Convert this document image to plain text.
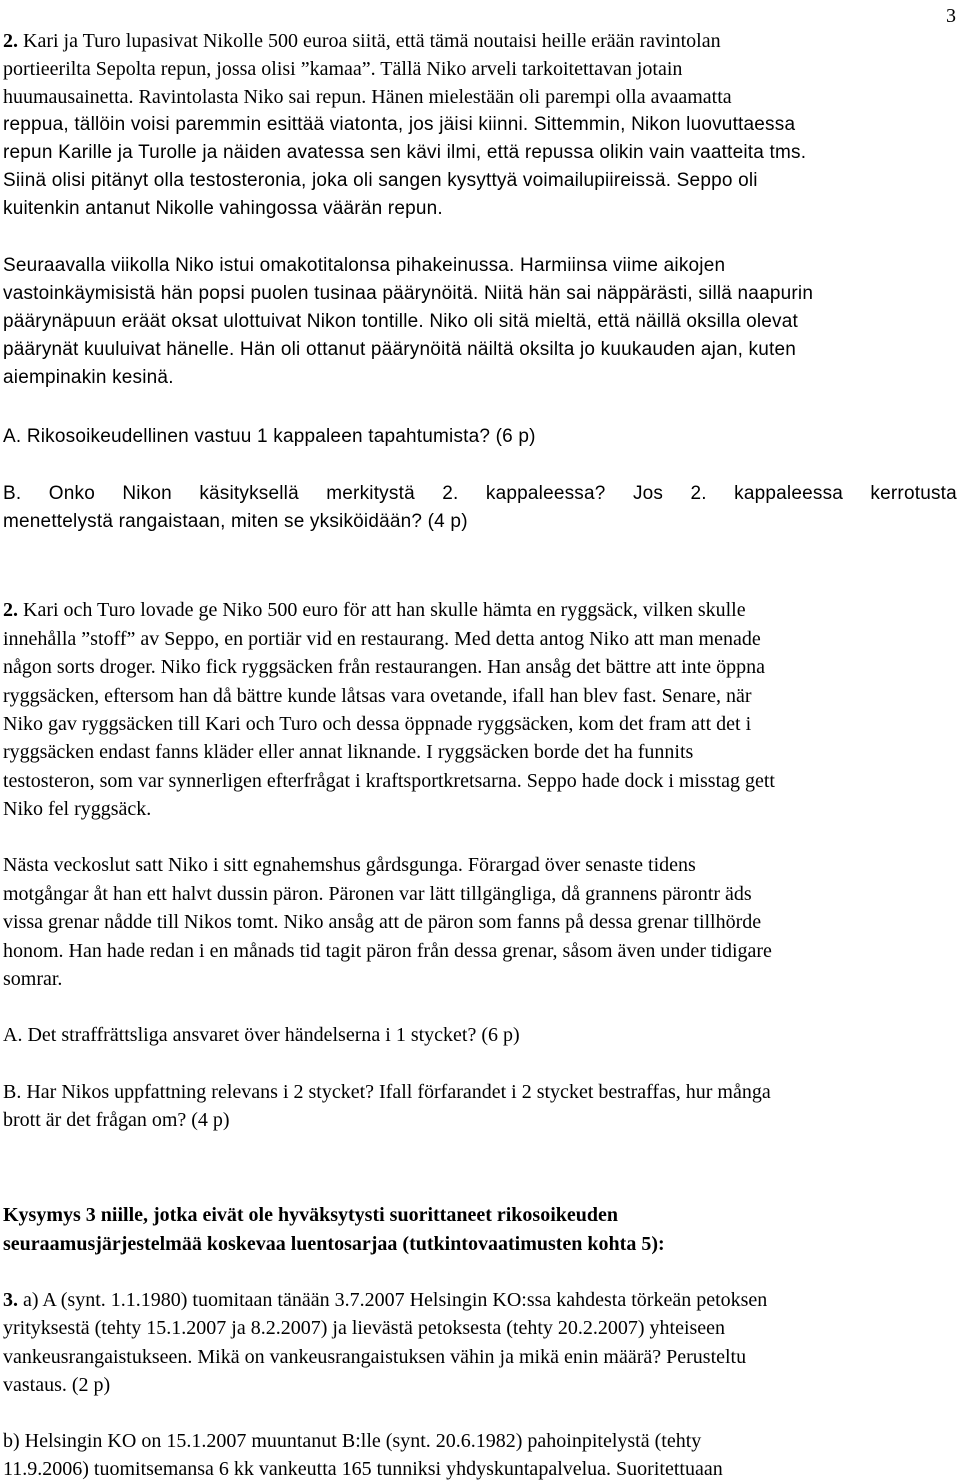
3
2. Kari ja Turo lupasivat Nikolle 500 euroa siitä, että tämä noutaisi heille erään ravintolan
portieerilta Sepolta repun, jossa olisi ”kamaa”. Tällä Niko arveli tarkoitettavan jotain
huumausainetta. Ravintolasta Niko sai repun. Hänen mielestään oli parempi olla avaamatta
reppua, tällöin voisi paremmin esittää viatonta, jos jäisi kiinni. Sittemmin, Nikon luovuttaessa
repun Karille ja Turolle ja näiden avatessa sen kävi ilmi, että repussa olikin vain vaatteita tms.
Siinä olisi pitänyt olla testosteronia, joka oli sangen kysyttyä voimailupiireissä. Seppo oli
kuitenkin antanut Nikolle vahingossa väärän repun.
Seuraavalla viikolla Niko istui omakotitalonsa pihakeinussa. Harmiinsa viime aikojen
vastoinkäymisistä hän popsi puolen tusinaa päärynöitä. Niitä hän sai näppärästi, sillä naapurin
päärynäpuun eräät oksat ulottuivat Nikon tontille. Niko oli sitä mieltä, että näillä oksilla olevat
päärynät kuuluivat hänelle. Hän oli ottanut päärynöitä näiltä oksilta jo kuukauden ajan, kuten
aiempinakin kesinä.
A. Rikosoikeudellinen vastuu 1 kappaleen tapahtumista? (6 p)
B. Onko Nikon käsityksellä merkitystä 2. kappaleessa? Jos 2. kappaleessa kerrotusta
menettelystä rangaistaan, miten se yksiköidään? (4 p)
2. Kari och Turo lovade ge Niko 500 euro för att han skulle hämta en ryggsäck, vilken skulle
innehålla ”stoff” av Seppo, en portiär vid en restaurang. Med detta antog Niko att man menade
någon sorts droger. Niko fick ryggsäcken från restaurangen. Han ansåg det bättre att inte öppna
ryggsäcken, eftersom han då bättre kunde låtsas vara ovetande, ifall han blev fast. Senare, när
Niko gav ryggsäcken till Kari och Turo och dessa öppnade ryggsäcken, kom det fram att det i
ryggsäcken endast fanns kläder eller annat liknande. I ryggsäcken borde det ha funnits
testosteron, som var synnerligen efterfrågat i kraftsportkretsarna. Seppo hade dock i misstag gett
Niko fel ryggsäck.
Nästa veckoslut satt Niko i sitt egnahemshus gårdsgunga. Förargad över senaste tidens
motgångar åt han ett halvt dussin päron. Päronen var lätt tillgängliga, då grannens pärontr äds
vissa grenar nådde till Nikos tomt. Niko ansåg att de päron som fanns på dessa grenar tillhörde
honom. Han hade redan i en månads tid tagit päron från dessa grenar, såsom även under tidigare
somrar.
A. Det straffrättsliga ansvaret över händelserna i 1 stycket? (6 p)
B. Har Nikos uppfattning relevans i 2 stycket? Ifall förfarandet i 2 stycket bestraffas, hur många
brott är det frågan om? (4 p)
Kysymys 3 niille, jotka eivät ole hyväksytysti suorittaneet rikosoikeuden
seuraamusjärjestelmää koskevaa luentosarjaa (tutkintovaatimusten kohta 5):
3. a) A (synt. 1.1.1980) tuomitaan tänään 3.7.2007 Helsingin KO:ssa kahdesta törkeän petoksen
yrityksestä (tehty 15.1.2007 ja 8.2.2007) ja lievästä petoksesta (tehty 20.2.2007) yhteiseen
vankeusrangaistukseen. Mikä on vankeusrangaistuksen vähin ja mikä enin määrä? Perusteltu
vastaus. (2 p)
b) Helsingin KO on 15.1.2007 muuntanut B:lle (synt. 20.6.1982) pahoinpitelystä (tehty
11.9.2006) tuomitsemansa 6 kk vankeutta 165 tunniksi yhdyskuntapalvelua. Suoritettuaan
